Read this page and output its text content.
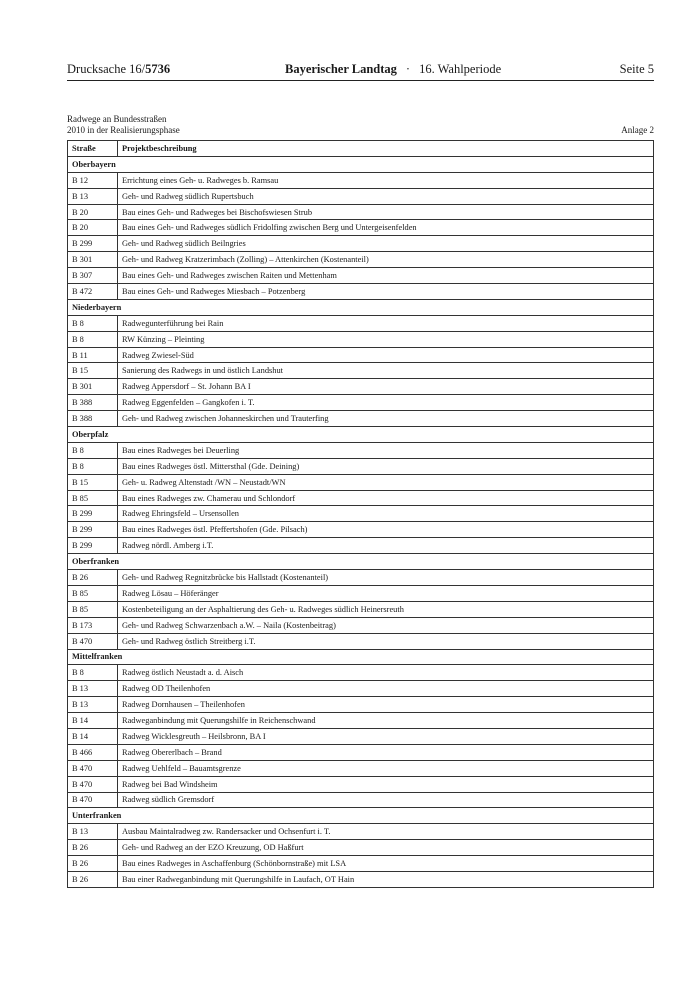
Drucksache 16/5736	Bayerischer Landtag · 16. Wahlperiode	Seite 5
Radwege an Bundesstraßen
2010 in der Realisierungsphase	Anlage 2
Straße	Projektbeschreibung
Oberbayern	
B 12	Errichtung eines Geh- u. Radweges b. Ramsau
B 13	Geh- und Radweg südlich Rupertsbuch
B 20	Bau eines Geh- und Radweges bei Bischofswiesen Strub
B 20	Bau eines Geh- und Radweges südlich Fridolfing zwischen Berg und Untergeisenfelden
B 299	Geh- und Radweg südlich Beilngries
B 301	Geh- und Radweg Kratzerimbach (Zolling) – Attenkirchen (Kostenanteil)
B 307	Bau eines Geh- und Radweges zwischen Raiten und Mettenham
B 472	Bau eines Geh- und Radweges Miesbach – Potzenberg
Niederbayern	
B 8	Radwegunterführung bei Rain
B 8	RW Künzing – Pleinting
B 11	Radweg Zwiesel-Süd
B 15	Sanierung des Radwegs in und östlich Landshut
B 301	Radweg Appersdorf – St. Johann BA I
B 388	Radweg Eggenfelden – Gangkofen i. T.
B 388	Geh- und Radweg zwischen Johanneskirchen und Trauterfing
Oberpfalz	
B 8	Bau eines Radweges bei Deuerling
B 8	Bau eines Radweges östl. Mittersthal (Gde. Deining)
B 15	Geh- u. Radweg Altenstadt /WN – Neustadt/WN
B 85	Bau eines Radweges zw. Chamerau und Schlondorf
B 299	Radweg Ehringsfeld – Ursensollen
B 299	Bau eines Radweges östl. Pfeffertshofen (Gde. Pilsach)
B 299	Radweg nördl. Amberg i.T.
Oberfranken	
B 26	Geh- und Radweg Regnitzbrücke bis Hallstadt (Kostenanteil)
B 85	Radweg Lösau – Höferänger
B 85	Kostenbeteiligung an der Asphaltierung des Geh- u. Radweges südlich Heinersreuth
B 173	Geh- und Radweg Schwarzenbach a.W. – Naila (Kostenbeitrag)
B 470	Geh- und Radweg östlich Streitberg i.T.
Mittelfranken	
B 8	Radweg östlich Neustadt a. d. Aisch
B 13	Radweg OD Theilenhofen
B 13	Radweg Dornhausen – Theilenhofen
B 14	Radweganbindung mit Querungshilfe in Reichenschwand
B 14	Radweg Wicklesgreuth – Heilsbronn, BA I
B 466	Radweg Obererlbach – Brand
B 470	Radweg Uehlfeld – Bauamtsgrenze
B 470	Radweg bei Bad Windsheim
B 470	Radweg südlich Gremsdorf
Unterfranken	
B 13	Ausbau Maintalradweg zw. Randersacker und Ochsenfurt i. T.
B 26	Geh- und Radweg an der EZO Kreuzung, OD Haßfurt
B 26	Bau eines Radweges in Aschaffenburg (Schönbornstraße) mit LSA
B 26	Bau einer Radweganbindung mit Querungshilfe in Laufach, OT Hain
